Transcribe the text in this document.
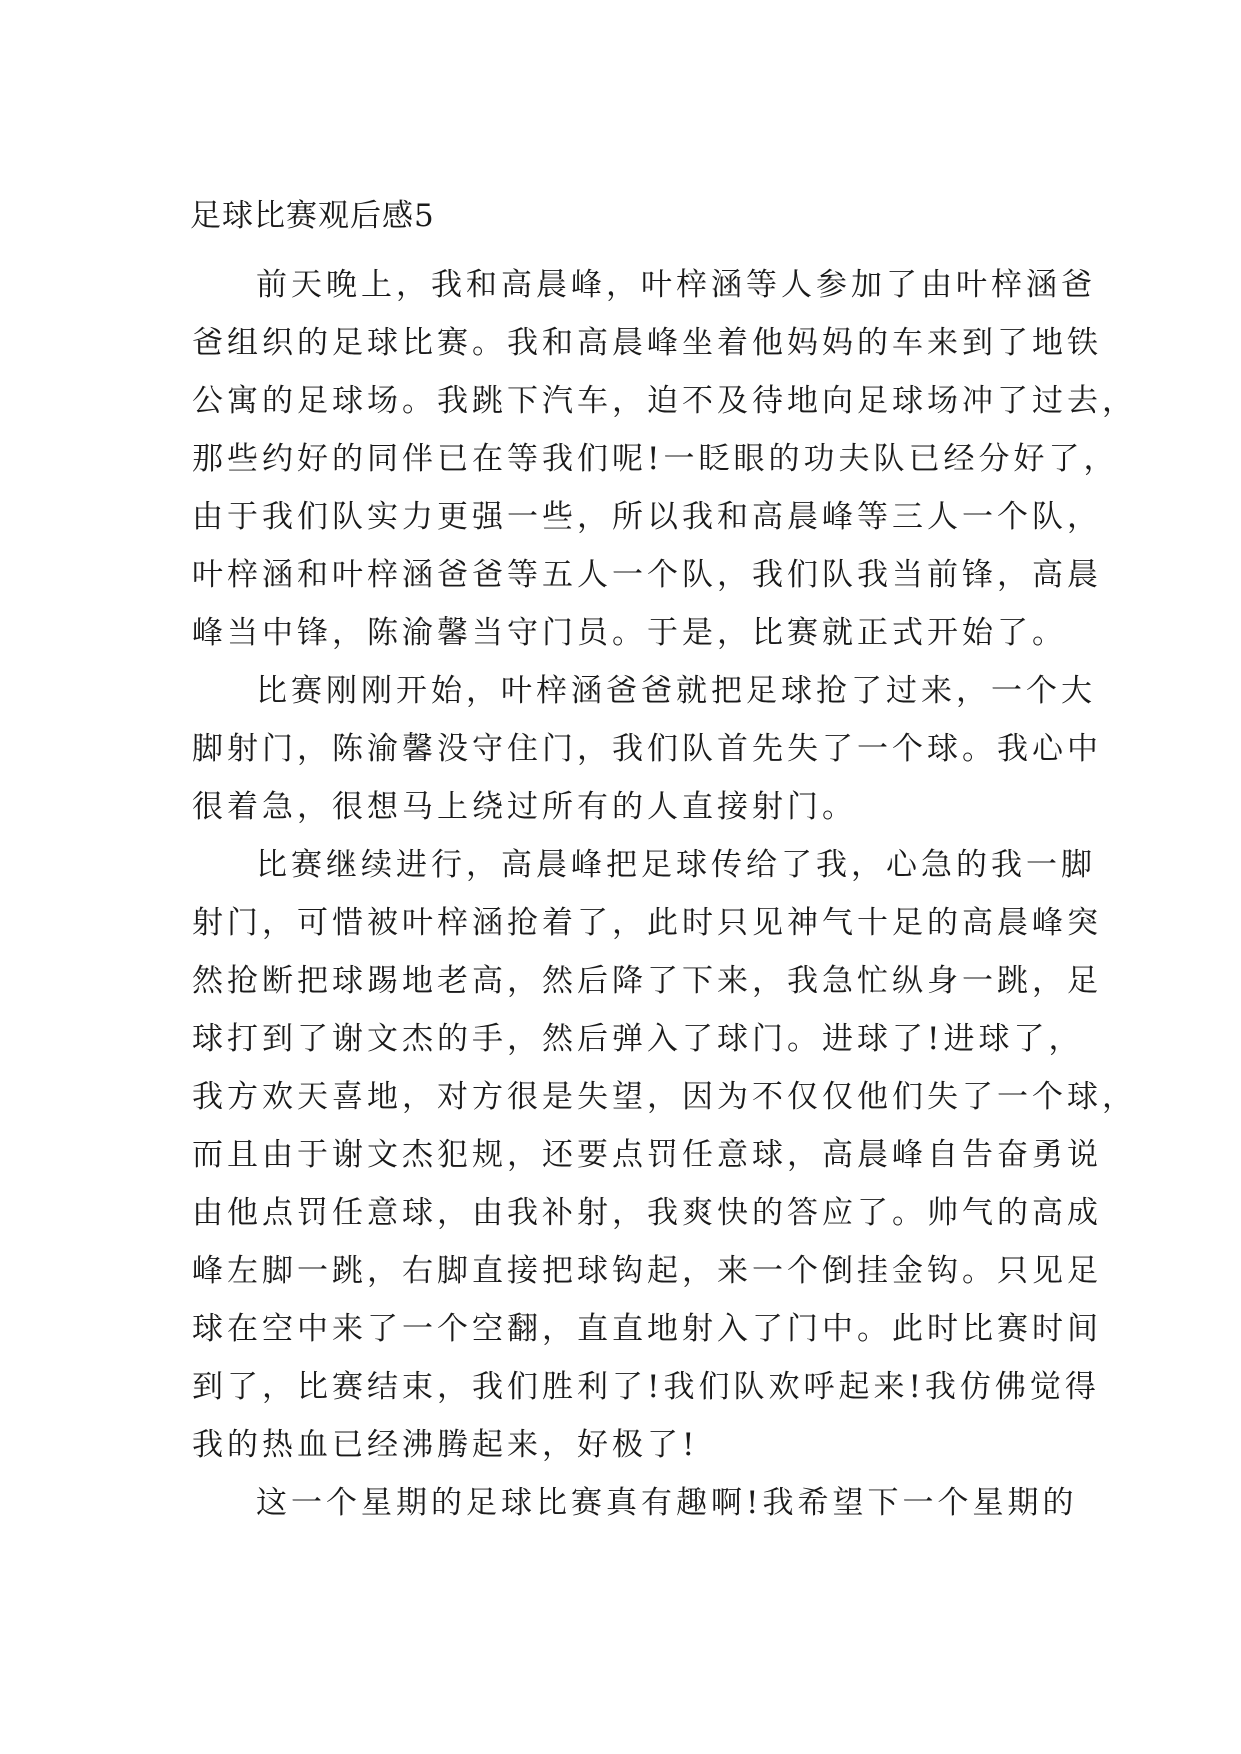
足球比赛观后感5
前天晚上，我和高晨峰，叶梓涵等人参加了由叶梓涵爸
爸组织的足球比赛。我和高晨峰坐着他妈妈的车来到了地铁
公寓的足球场。我跳下汽车，迫不及待地向足球场冲了过去，
那些约好的同伴已在等我们呢!一眨眼的功夫队已经分好了，
由于我们队实力更强一些，所以我和高晨峰等三人一个队，
叶梓涵和叶梓涵爸爸等五人一个队，我们队我当前锋，高晨
峰当中锋，陈渝馨当守门员。于是，比赛就正式开始了。
比赛刚刚开始，叶梓涵爸爸就把足球抢了过来，一个大
脚射门，陈渝馨没守住门，我们队首先失了一个球。我心中
很着急，很想马上绕过所有的人直接射门。
比赛继续进行，高晨峰把足球传给了我，心急的我一脚
射门，可惜被叶梓涵抢着了，此时只见神气十足的高晨峰突
然抢断把球踢地老高，然后降了下来，我急忙纵身一跳，足
球打到了谢文杰的手，然后弹入了球门。进球了!进球了，
我方欢天喜地，对方很是失望，因为不仅仅他们失了一个球，
而且由于谢文杰犯规，还要点罚任意球，高晨峰自告奋勇说
由他点罚任意球，由我补射，我爽快的答应了。帅气的高成
峰左脚一跳，右脚直接把球钩起，来一个倒挂金钩。只见足
球在空中来了一个空翻，直直地射入了门中。此时比赛时间
到了，比赛结束，我们胜利了!我们队欢呼起来!我仿佛觉得
我的热血已经沸腾起来，好极了!
这一个星期的足球比赛真有趣啊!我希望下一个星期的
